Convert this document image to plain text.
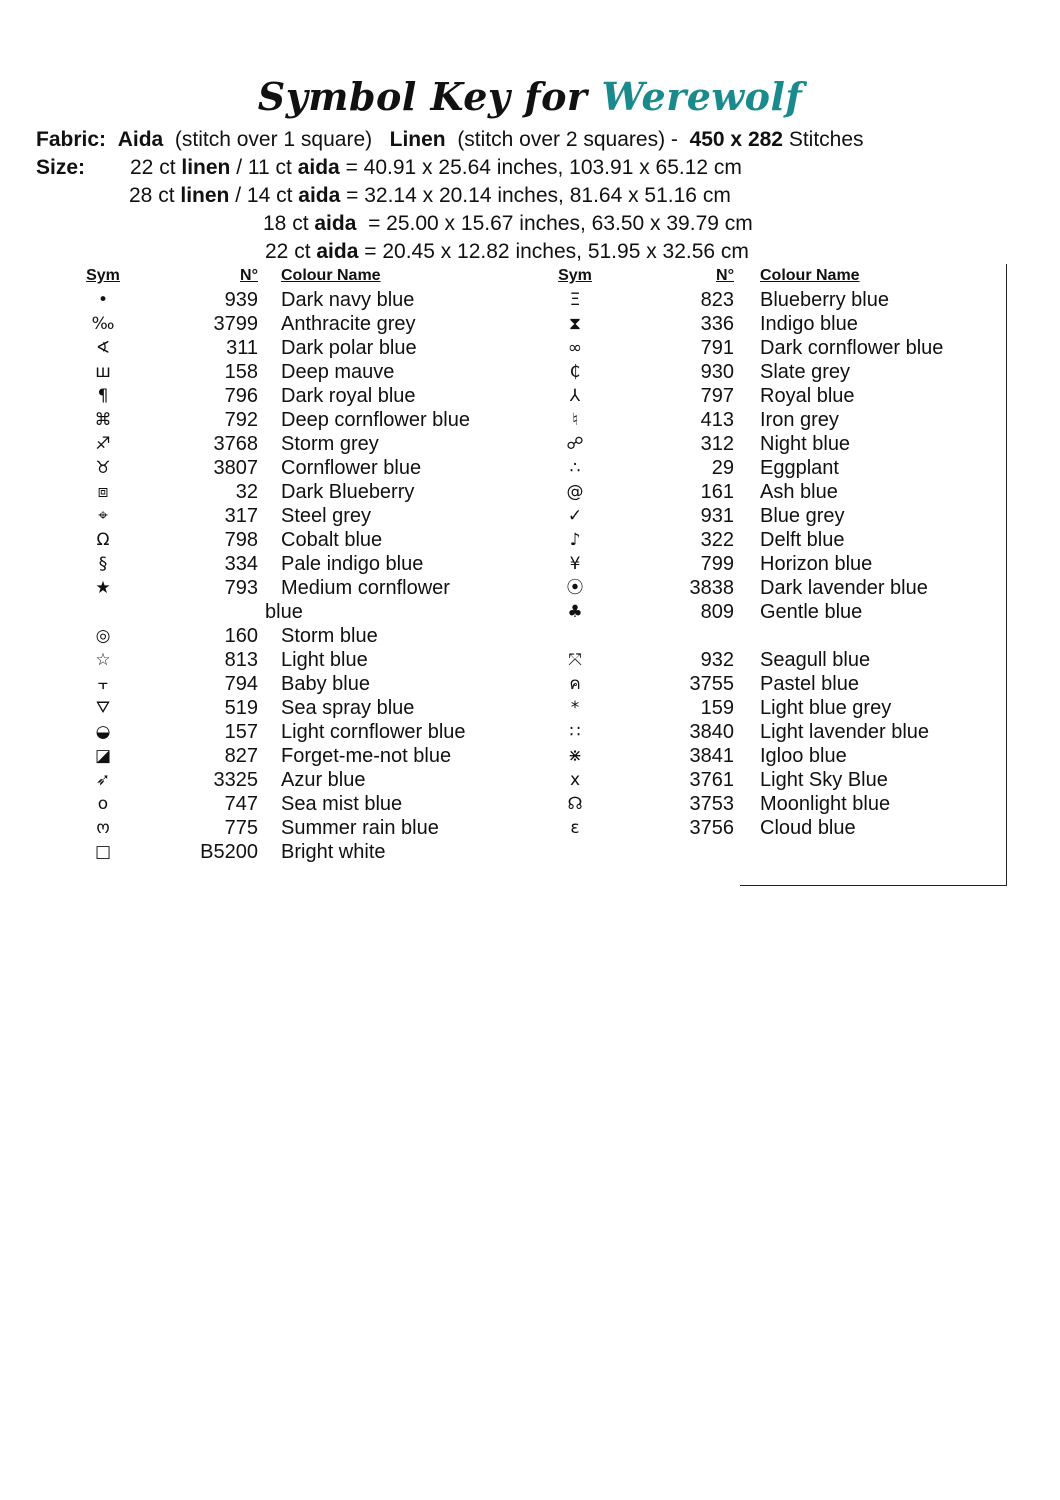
Symbol Key for Werewolf
Fabric: Aida (stitch over 1 square) Linen (stitch over 2 squares) - 450 x 282 Stitches
Size: 22 ct linen / 11 ct aida = 40.91 x 25.64 inches, 103.91 x 65.12 cm
28 ct linen / 14 ct aida = 32.14 x 20.14 inches, 81.64 x 51.16 cm
18 ct aida  = 25.00 x 15.67 inches, 63.50 x 39.79 cm
22 ct aida = 20.45 x 12.82 inches, 51.95 x 32.56 cm
Sym	N° Colour Name
•	939 Dark navy blue
‰	3799 Anthracite grey
∢	311 Dark polar blue
ш	158 Deep mauve
¶	796 Dark royal blue
⌘	792 Deep cornflower blue
♐	3768 Storm grey
♉	3807 Cornflower blue
⧈	32 Dark Blueberry
⌖	317 Steel grey
Ω	798 Cobalt blue
§	334 Pale indigo blue
★	793 Medium cornflower
blue
◎	160 Storm blue
☆	813 Light blue
⫟	794 Baby blue
⛛	519 Sea spray blue
◒	157 Light cornflower blue
◪	827 Forget-me-not blue
➶	3325 Azur blue
o	747 Sea mist blue
ო	775 Summer rain blue
□	B5200 Bright white
Sym	N° Colour Name
Ξ	823 Blueberry blue
⧗	336 Indigo blue
∞	791 Dark cornflower blue
₵	930 Slate grey
⅄	797 Royal blue
♮	413 Iron grey
☍	312 Night blue
∴	29 Eggplant
@	161 Ash blue
✓	931 Blue grey
♪	322 Delft blue
¥	799 Horizon blue
⦿	3838 Dark lavender blue
♣	809 Gentle blue
⤧	932 Seagull blue
ค	3755 Pastel blue
*	159 Light blue grey
∷	3840 Light lavender blue
⋇	3841 Igloo blue
x	3761 Light Sky Blue
☊	3753 Moonlight blue
ε	3756 Cloud blue
